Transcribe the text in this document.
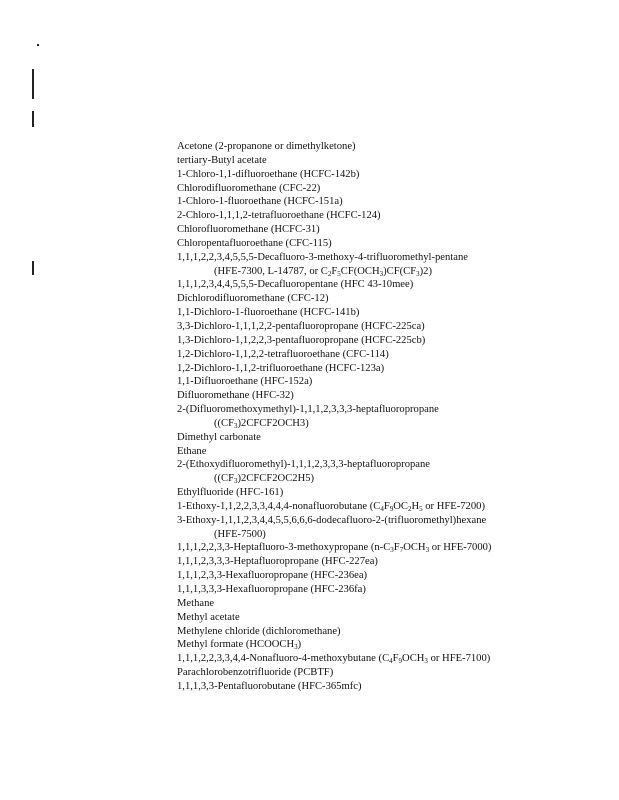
Acetone (2-propanone or dimethylketone)
tertiary-Butyl acetate
1-Chloro-1,1-difluoroethane (HCFC-142b)
Chlorodifluoromethane (CFC-22)
1-Chloro-1-fluoroethane (HCFC-151a)
2-Chloro-1,1,1,2-tetrafluoroethane (HCFC-124)
Chlorofluoromethane (HCFC-31)
Chloropentafluoroethane (CFC-115)
1,1,1,2,2,3,4,5,5,5-Decafluoro-3-methoxy-4-trifluoromethyl-pentane
(HFE-7300, L-14787, or $C_2F_5CF(OCH_3)CF(CF_3)2$)
1,1,1,2,3,4,4,5,5,5-Decafluoropentane (HFC 43-10mee)
Dichlorodifluoromethane (CFC-12)
1,1-Dichloro-1-fluoroethane (HCFC-141b)
3,3-Dichloro-1,1,1,2,2-pentafluoropropane (HCFC-225ca)
1,3-Dichloro-1,1,2,2,3-pentafluoropropane (HCFC-225cb)
1,2-Dichloro-1,1,2,2-tetrafluoroethane (CFC-114)
1,2-Dichloro-1,1,2-trifluoroethane (HCFC-123a)
1,1-Difluoroethane (HFC-152a)
Difluoromethane (HFC-32)
2-(Difluoromethoxymethyl)-1,1,1,2,3,3,3-heptafluoropropane
$((CF_3)2CFCF2OCH3)$
Dimethyl carbonate
Ethane
2-(Ethoxydifluoromethyl)-1,1,1,2,3,3,3-heptafluoropropane
$((CF_3)2CFCF2OC2H5)$
Ethylfluoride (HFC-161)
1-Ethoxy-1,1,2,2,3,3,4,4,4-nonafluorobutane ($C_4F_9OC_2H_5$ or HFE-7200)
3-Ethoxy-1,1,1,2,3,4,4,5,5,6,6,6-dodecafluoro-2-(trifluoromethyl)hexane
(HFE-7500)
1,1,1,2,2,3,3-Heptafluoro-3-methoxypropane ($n-C_3F_7OCH_3$ or HFE-7000)
1,1,1,2,3,3,3-Heptafluoropropane (HFC-227ea)
1,1,1,2,3,3-Hexafluoropropane (HFC-236ea)
1,1,1,3,3,3-Hexafluoropropane (HFC-236fa)
Methane
Methyl acetate
Methylene chloride (dichloromethane)
Methyl formate $(HCOOCH_3)$
1,1,1,2,2,3,3,4,4-Nonafluoro-4-methoxybutane ($C_4F_9OCH_3$ or HFE-7100)
Parachlorobenzotrifluoride (PCBTF)
1,1,1,3,3-Pentafluorobutane (HFC-365mfc)
